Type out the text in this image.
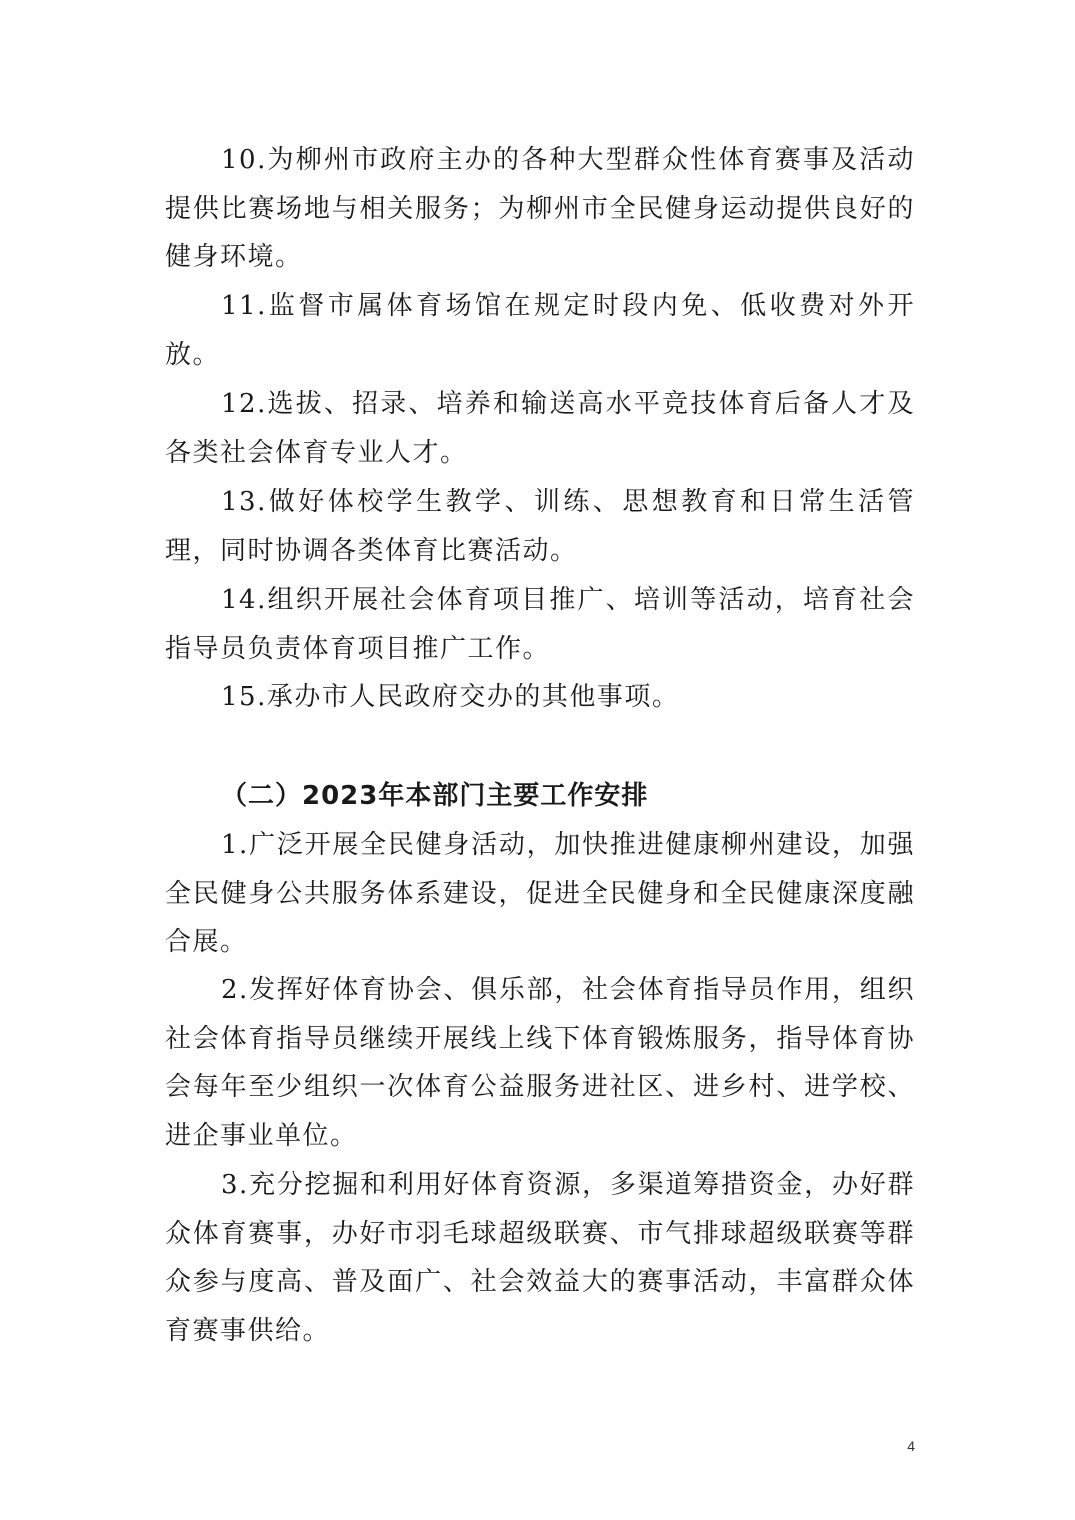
10.为柳州市政府主办的各种大型群众性体育赛事及活动提供比赛场地与相关服务；为柳州市全民健身运动提供良好的健身环境。

11.监督市属体育场馆在规定时段内免、低收费对外开放。

12.选拔、招录、培养和输送高水平竞技体育后备人才及各类社会体育专业人才。

13.做好体校学生教学、训练、思想教育和日常生活管理，同时协调各类体育比赛活动。

14.组织开展社会体育项目推广、培训等活动，培育社会指导员负责体育项目推广工作。

15.承办市人民政府交办的其他事项。

（二）2023年本部门主要工作安排

1.广泛开展全民健身活动，加快推进健康柳州建设，加强全民健身公共服务体系建设，促进全民健身和全民健康深度融合展。

2.发挥好体育协会、俱乐部，社会体育指导员作用，组织社会体育指导员继续开展线上线下体育锻炼服务，指导体育协会每年至少组织一次体育公益服务进社区、进乡村、进学校、进企事业单位。

3.充分挖掘和利用好体育资源，多渠道筹措资金，办好群众体育赛事，办好市羽毛球超级联赛、市气排球超级联赛等群众参与度高、普及面广、社会效益大的赛事活动，丰富群众体育赛事供给。

4
